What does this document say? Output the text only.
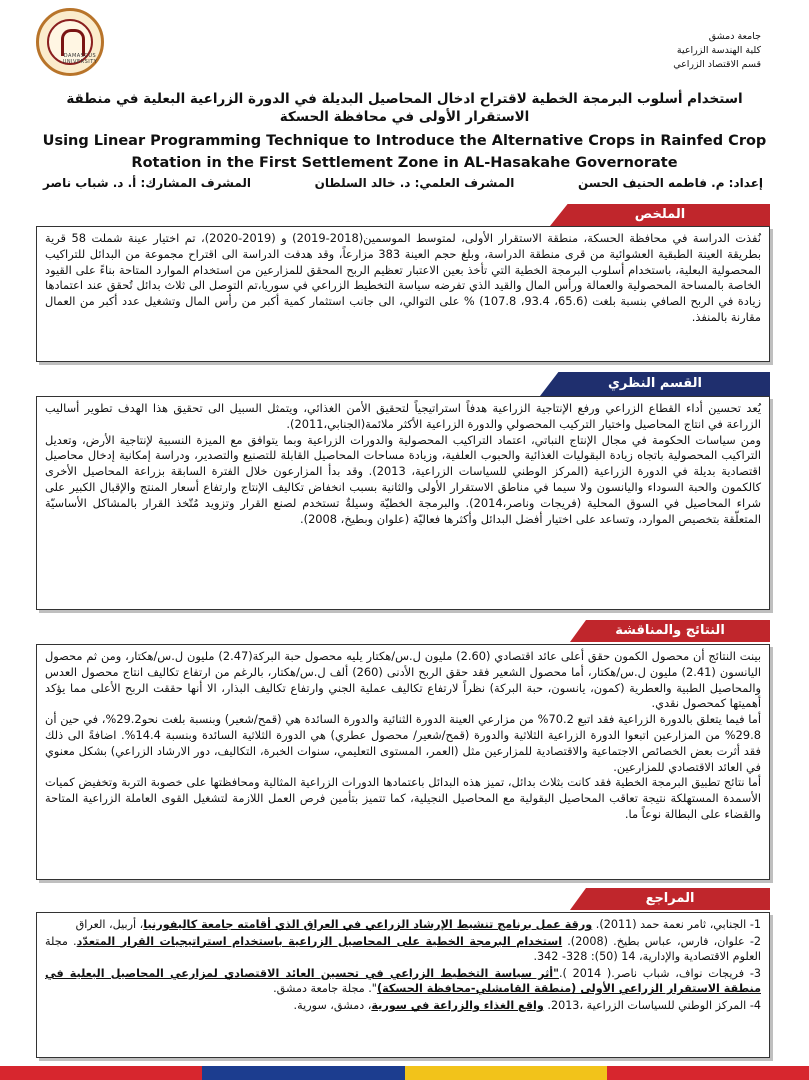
DAMASCUS UNIVERSITY
جامعة دمشق
كلية الهندسة الزراعية
قسم الاقتصاد الزراعي
استخدام أسلوب البرمجة الخطية لاقتراح ادخال المحاصيل البديلة في الدورة الزراعية البعلية في منطقة الاستقرار الأولى في محافظة الحسكة
Using Linear Programming Technique to Introduce the Alternative Crops in Rainfed Crop
Rotation in the First Settlement Zone in AL-Hasakahe Governorate
إعداد: م. فاطمه الحنيف الحسن
المشرف العلمي: د. خالد السلطان
المشرف المشارك: أ. د. شباب ناصر
الملخص

نُفذت الدراسة في محافظة الحسكة، منطقة الاستقرار الأولى، لمتوسط الموسمين(2018-2019) و (2019-2020)، تم اختيار عينة شملت 58 قرية بطريقة العينة الطبقية العشوائية من قرى منطقة الدراسة، وبلغ حجم العينة 383 مزارعاً، وقد هدفت الدراسة الى اقتراح مجموعة من البدائل للتراكيب المحصولية البعلية، باستخدام أسلوب البرمجة الخطية التي تأخذ بعين الاعتبار تعظيم الربح المحقق للمزارعين من استخدام الموارد المتاحة بناءً على القيود الخاصة بالمساحة المحصولية والعمالة ورأس المال والقيد الذي تفرضه سياسة التخطيط الزراعي في سوريا،تم التوصل الى ثلاث بدائل تُحقق عند اعتمادها زيادة في الربح الصافي بنسبة بلغت (65.6، 93.4، 107.8) % على التوالي، الى جانب استثمار كمية أكبر من رأس المال وتشغيل عدد أكبر من العمال مقارنة بالمنفذ.

القسم النظري

يُعد تحسين أداء القطاع الزراعي ورفع الإنتاجية الزراعية هدفاً استراتيجياً لتحقيق الأمن الغذائي، ويتمثل السبيل الى تحقيق هذا الهدف تطوير أساليب الزراعة في انتاج المحاصيل واختيار التركيب المحصولي والدورة الزراعية الأكثر ملائمة(الجنابي،2011).

ومن سياسات الحكومة في مجال الإنتاج النباتي، اعتماد التراكيب المحصولية والدورات الزراعية وبما يتوافق مع الميزة النسبية لإنتاجية الأرض، وتعديل التراكيب المحصولية باتجاه زيادة البقوليات الغذائية والحبوب العلفية، وزيادة مساحات المحاصيل القابلة للتصنيع والتصدير، ودراسة إمكانية إدخال محاصيل اقتصادية بديلة في الدورة الزراعية (المركز الوطني للسياسات الزراعية، 2013). وقد بدأ المزارعون خلال الفترة السابقة بزراعة المحاصيل الأخرى كالكمون والحبة السوداء واليانسون ولا سيما في مناطق الاستقرار الأولى والثانية بسبب انخفاض تكاليف الإنتاج وارتفاع أسعار المنتج والإقبال الكبير على شراء المحاصيل في السوق المحلية (فريجات وناصر،2014). والبرمجة الخطيّة وسيلةٌ تستخدم لصنع القرار وتزويد مُتّخذ القرار بالمشاكل الأساسيّة المتعلّقة بتخصيص الموارد، وتساعد على اختيار أفضل البدائل وأكثرها فعاليّة (علوان وبطيخ، 2008).

النتائج والمناقشة

بينت النتائج أن محصول الكمون حقق أعلى عائد اقتصادي (2.60) مليون ل.س/هكتار يليه محصول حبة البركة(2.47) مليون ل.س/هكتار، ومن ثم محصول اليانسون (2.41) مليون ل.س/هكتار، أما محصول الشعير فقد حقق الربح الأدنى (260) ألف ل.س/هكتار، بالرغم من ارتفاع تكاليف انتاج محصول العدس والمحاصيل الطبية والعطرية (كمون، يانسون، حبة البركة) نظراً لارتفاع تكاليف عملية الجني وارتفاع تكاليف البذار، الا أنها حققت الربح الأعلى مما يؤكد أهميتها كمحصول نقدي.

أما فيما يتعلق بالدورة الزراعية فقد اتبع 70.2% من مزارعي العينة الدورة الثنائية والدورة السائدة هي (قمح/شعير) وبنسبة بلغت نحو29.2%، في حين أن 29.8% من المزارعين اتبعوا الدورة الزراعية الثلاثية والدورة (قمح/شعير/ محصول عطري) هي الدورة الثلاثية السائدة وبنسبة 14.4%. اضافةً الى ذلك فقد أثرت بعض الخصائص الاجتماعية والاقتصادية للمزارعين مثل (العمر، المستوى التعليمي، سنوات الخبرة، التكاليف، دور الارشاد الزراعي) بشكل معنوي في العائد الاقتصادي للمزارعين.

أما نتائج تطبيق البرمجة الخطية فقد كانت بثلاث بدائل، تميز هذه البدائل باعتمادها الدورات الزراعية المثالية ومحافظتها على خصوبة التربة وتخفيض كميات الأسمدة المستهلكة نتيجة تعاقب المحاصيل البقولية مع المحاصيل النجيلية، كما تتميز بتأمين فرص العمل اللازمة لتشغيل القوى العاملة الزراعية المتاحة والقضاء على البطالة نوعاً ما.

المراجع

1- الجنابي، ثامر نعمة حمد (2011). ورقة عمل برنامج تنشيط الإرشاد الزراعي في العراق الذي أقامته جامعة كاليفورنيا، أربيل، العراق

2- علوان، فارس، عباس بطيخ. (2008). استخدام البرمجة الخطية على المحاصيل الزراعية باستخدام استراتيجيات القرار المتعدّد. مجلة العلوم الاقتصادية والإدارية، 14 (50): 328- 342.

3- فريجات نواف، شباب ناصر.( 2014 )."أثر سياسة التخطيط الزراعي في تحسين العائد الاقتصادي لمزارعي المحاصيل البعلية في منطقة الاستقرار الزراعي الأولى (منطقة القامشلي-محافظة الحسكة)". مجلة جامعة دمشق.

4- المركز الوطني للسياسات الزراعية ،2013. واقع الغذاء والزراعة في سورية، دمشق، سورية.
